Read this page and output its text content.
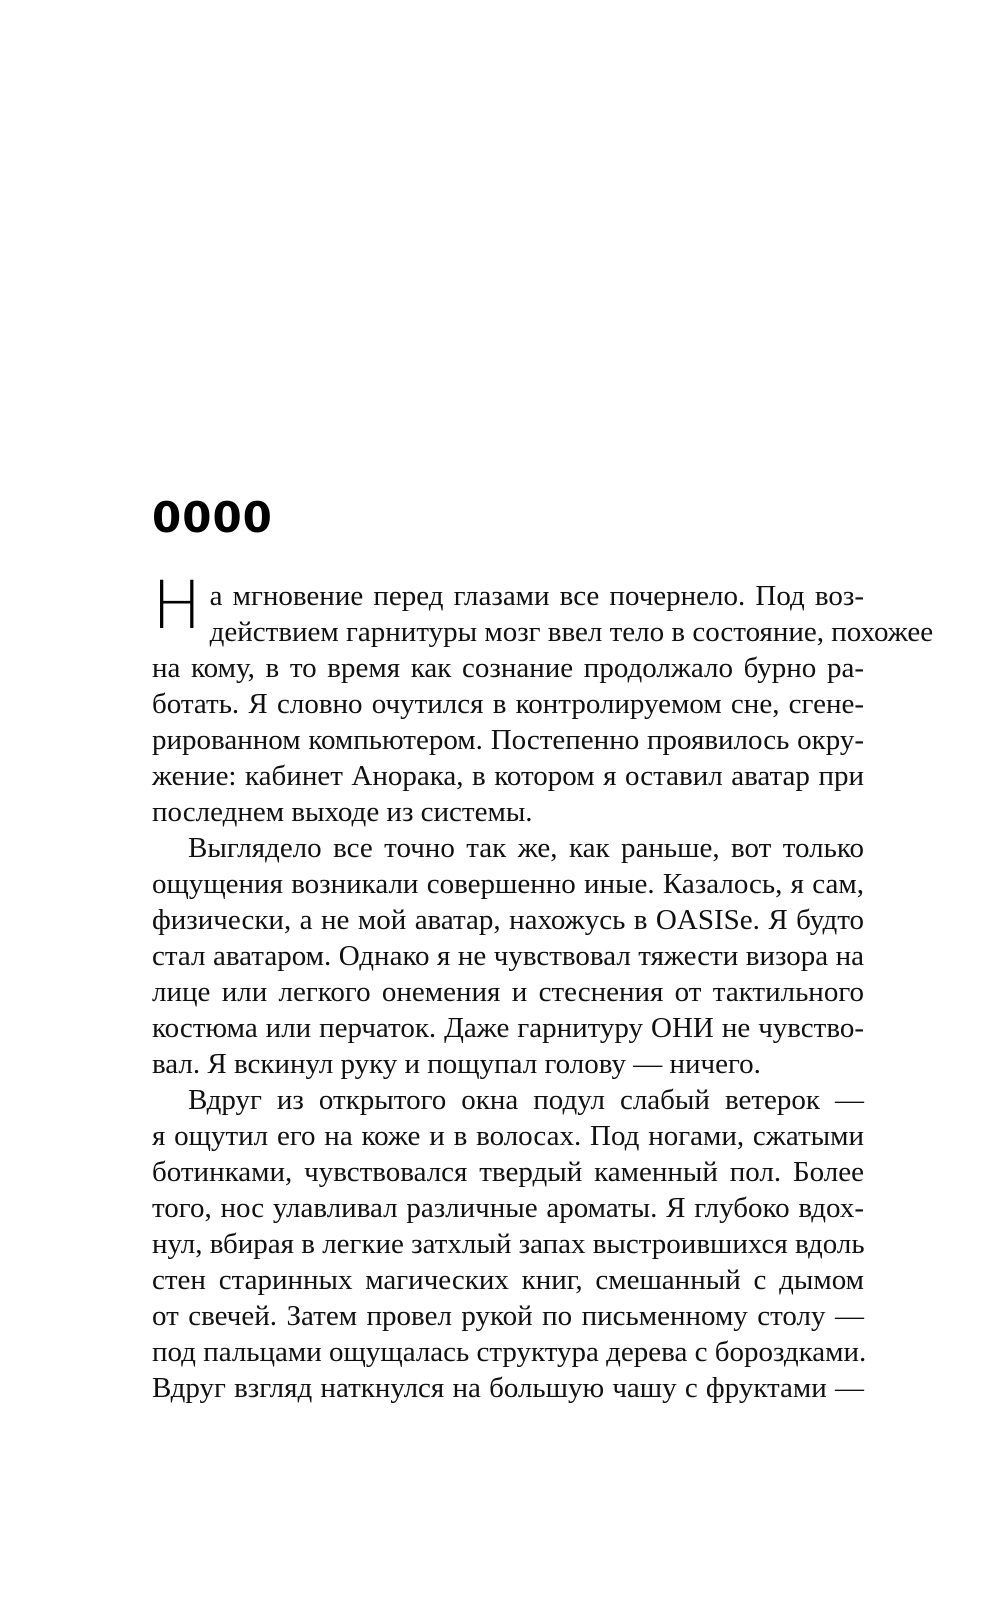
0000

Н а мгновение перед глазами все почернело. Под воз-
действием гарнитуры мозг ввел тело в состояние, похожее
на кому, в то время как сознание продолжало бурно ра-
ботать. Я словно очутился в контролируемом сне, сгене-
рированном компьютером. Постепенно проявилось окру-
жение: кабинет Анорака, в котором я оставил аватар при
последнем выходе из системы.

Выглядело все точно так же, как раньше, вот только
ощущения возникали совершенно иные. Казалось, я сам,
физически, а не мой аватар, нахожусь в OASISе. Я будто
стал аватаром. Однако я не чувствовал тяжести визора на
лице или легкого онемения и стеснения от тактильного
костюма или перчаток. Даже гарнитуру ОНИ не чувство-
вал. Я вскинул руку и пощупал голову — ничего.

Вдруг из открытого окна подул слабый ветерок —
я ощутил его на коже и в волосах. Под ногами, сжатыми
ботинками, чувствовался твердый каменный пол. Более
того, нос улавливал различные ароматы. Я глубоко вдох-
нул, вбирая в легкие затхлый запах выстроившихся вдоль
стен старинных магических книг, смешанный с дымом
от свечей. Затем провел рукой по письменному столу —
под пальцами ощущалась структура дерева с бороздками.
Вдруг взгляд наткнулся на большую чашу с фруктами —
